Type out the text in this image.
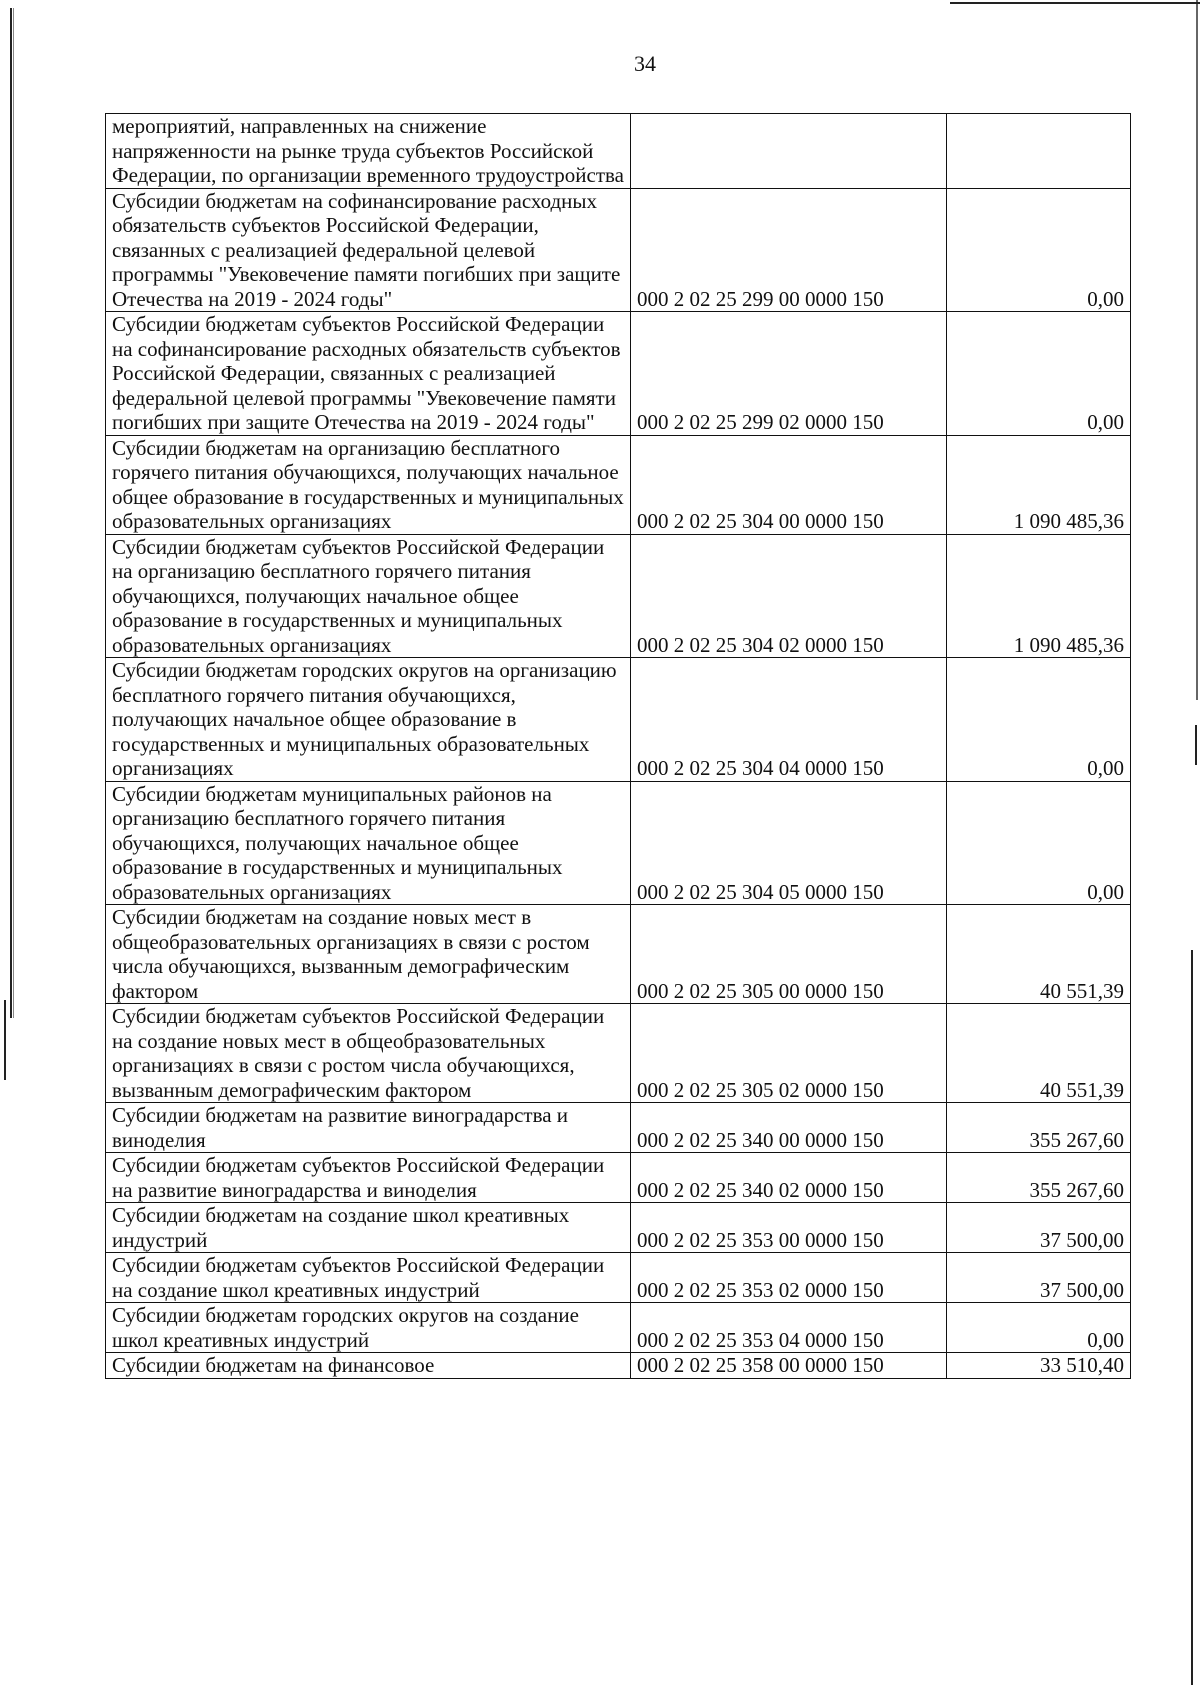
34
мероприятий, направленных на снижение напряженности на рынке труда субъектов Российской Федерации, по организации временного трудоустройства		
Субсидии бюджетам на софинансирование расходных обязательств субъектов Российской Федерации, связанных с реализацией федеральной целевой программы "Увековечение памяти погибших при защите Отечества на 2019 - 2024 годы"	000 2 02 25 299 00 0000 150	0,00
Субсидии бюджетам субъектов Российской Федерации на софинансирование расходных обязательств субъектов Российской Федерации, связанных с реализацией федеральной целевой программы "Увековечение памяти погибших при защите Отечества на 2019 - 2024 годы"	000 2 02 25 299 02 0000 150	0,00
Субсидии бюджетам на организацию бесплатного горячего питания обучающихся, получающих начальное общее образование в государственных и муниципальных образовательных организациях	000 2 02 25 304 00 0000 150	1 090 485,36
Субсидии бюджетам субъектов Российской Федерации на организацию бесплатного горячего питания обучающихся, получающих начальное общее образование в государственных и муниципальных образовательных организациях	000 2 02 25 304 02 0000 150	1 090 485,36
Субсидии бюджетам городских округов на организацию бесплатного горячего питания обучающихся, получающих начальное общее образование в государственных и муниципальных образовательных организациях	000 2 02 25 304 04 0000 150	0,00
Субсидии бюджетам муниципальных районов на организацию бесплатного горячего питания обучающихся, получающих начальное общее образование в государственных и муниципальных образовательных организациях	000 2 02 25 304 05 0000 150	0,00
Субсидии бюджетам на создание новых мест в общеобразовательных организациях в связи с ростом числа обучающихся, вызванным демографическим фактором	000 2 02 25 305 00 0000 150	40 551,39
Субсидии бюджетам субъектов Российской Федерации на создание новых мест в общеобразовательных организациях в связи с ростом числа обучающихся, вызванным демографическим фактором	000 2 02 25 305 02 0000 150	40 551,39
Субсидии бюджетам на развитие виноградарства и виноделия	000 2 02 25 340 00 0000 150	355 267,60
Субсидии бюджетам субъектов Российской Федерации на развитие виноградарства и виноделия	000 2 02 25 340 02 0000 150	355 267,60
Субсидии бюджетам на создание школ креативных индустрий	000 2 02 25 353 00 0000 150	37 500,00
Субсидии бюджетам субъектов Российской Федерации на создание школ креативных индустрий	000 2 02 25 353 02 0000 150	37 500,00
Субсидии бюджетам городских округов на создание школ креативных индустрий	000 2 02 25 353 04 0000 150	0,00
Субсидии бюджетам на финансовое	000 2 02 25 358 00 0000 150	33 510,40
